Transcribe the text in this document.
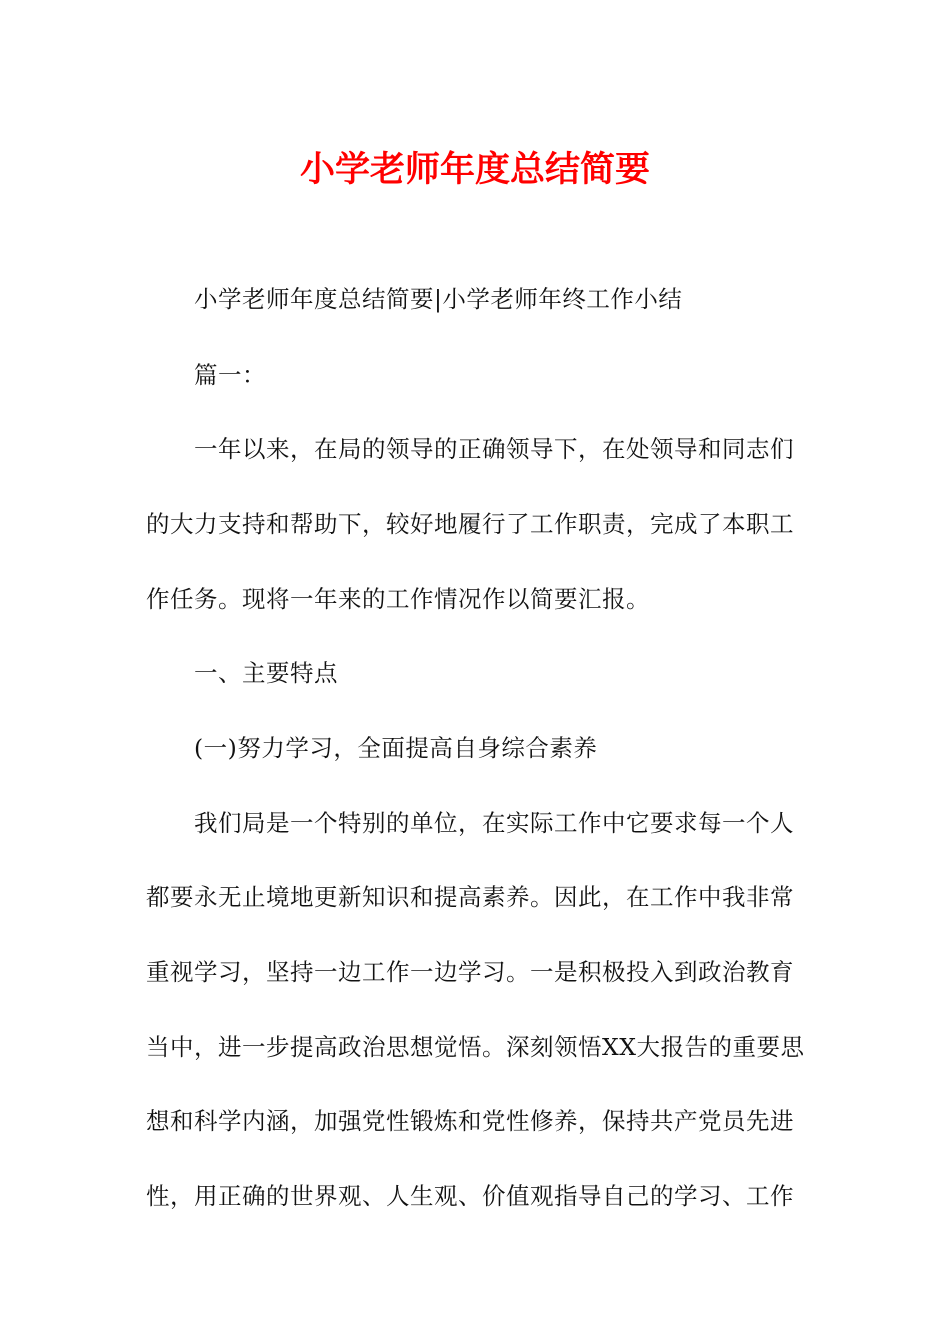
小学老师年度总结简要
小学老师年度总结简要|小学老师年终工作小结
篇一：
一年以来，在局的领导的正确领导下，在处领导和同志们
的大力支持和帮助下，较好地履行了工作职责，完成了本职工
作任务。现将一年来的工作情况作以简要汇报。
一、主要特点
(一)努力学习，全面提高自身综合素养
我们局是一个特别的单位，在实际工作中它要求每一个人
都要永无止境地更新知识和提高素养。因此，在工作中我非常
重视学习，坚持一边工作一边学习。一是积极投入到政治教育
当中，进一步提高政治思想觉悟。深刻领悟XX大报告的重要思
想和科学内涵，加强党性锻炼和党性修养，保持共产党员先进
性，用正确的世界观、人生观、价值观指导自己的学习、工作
